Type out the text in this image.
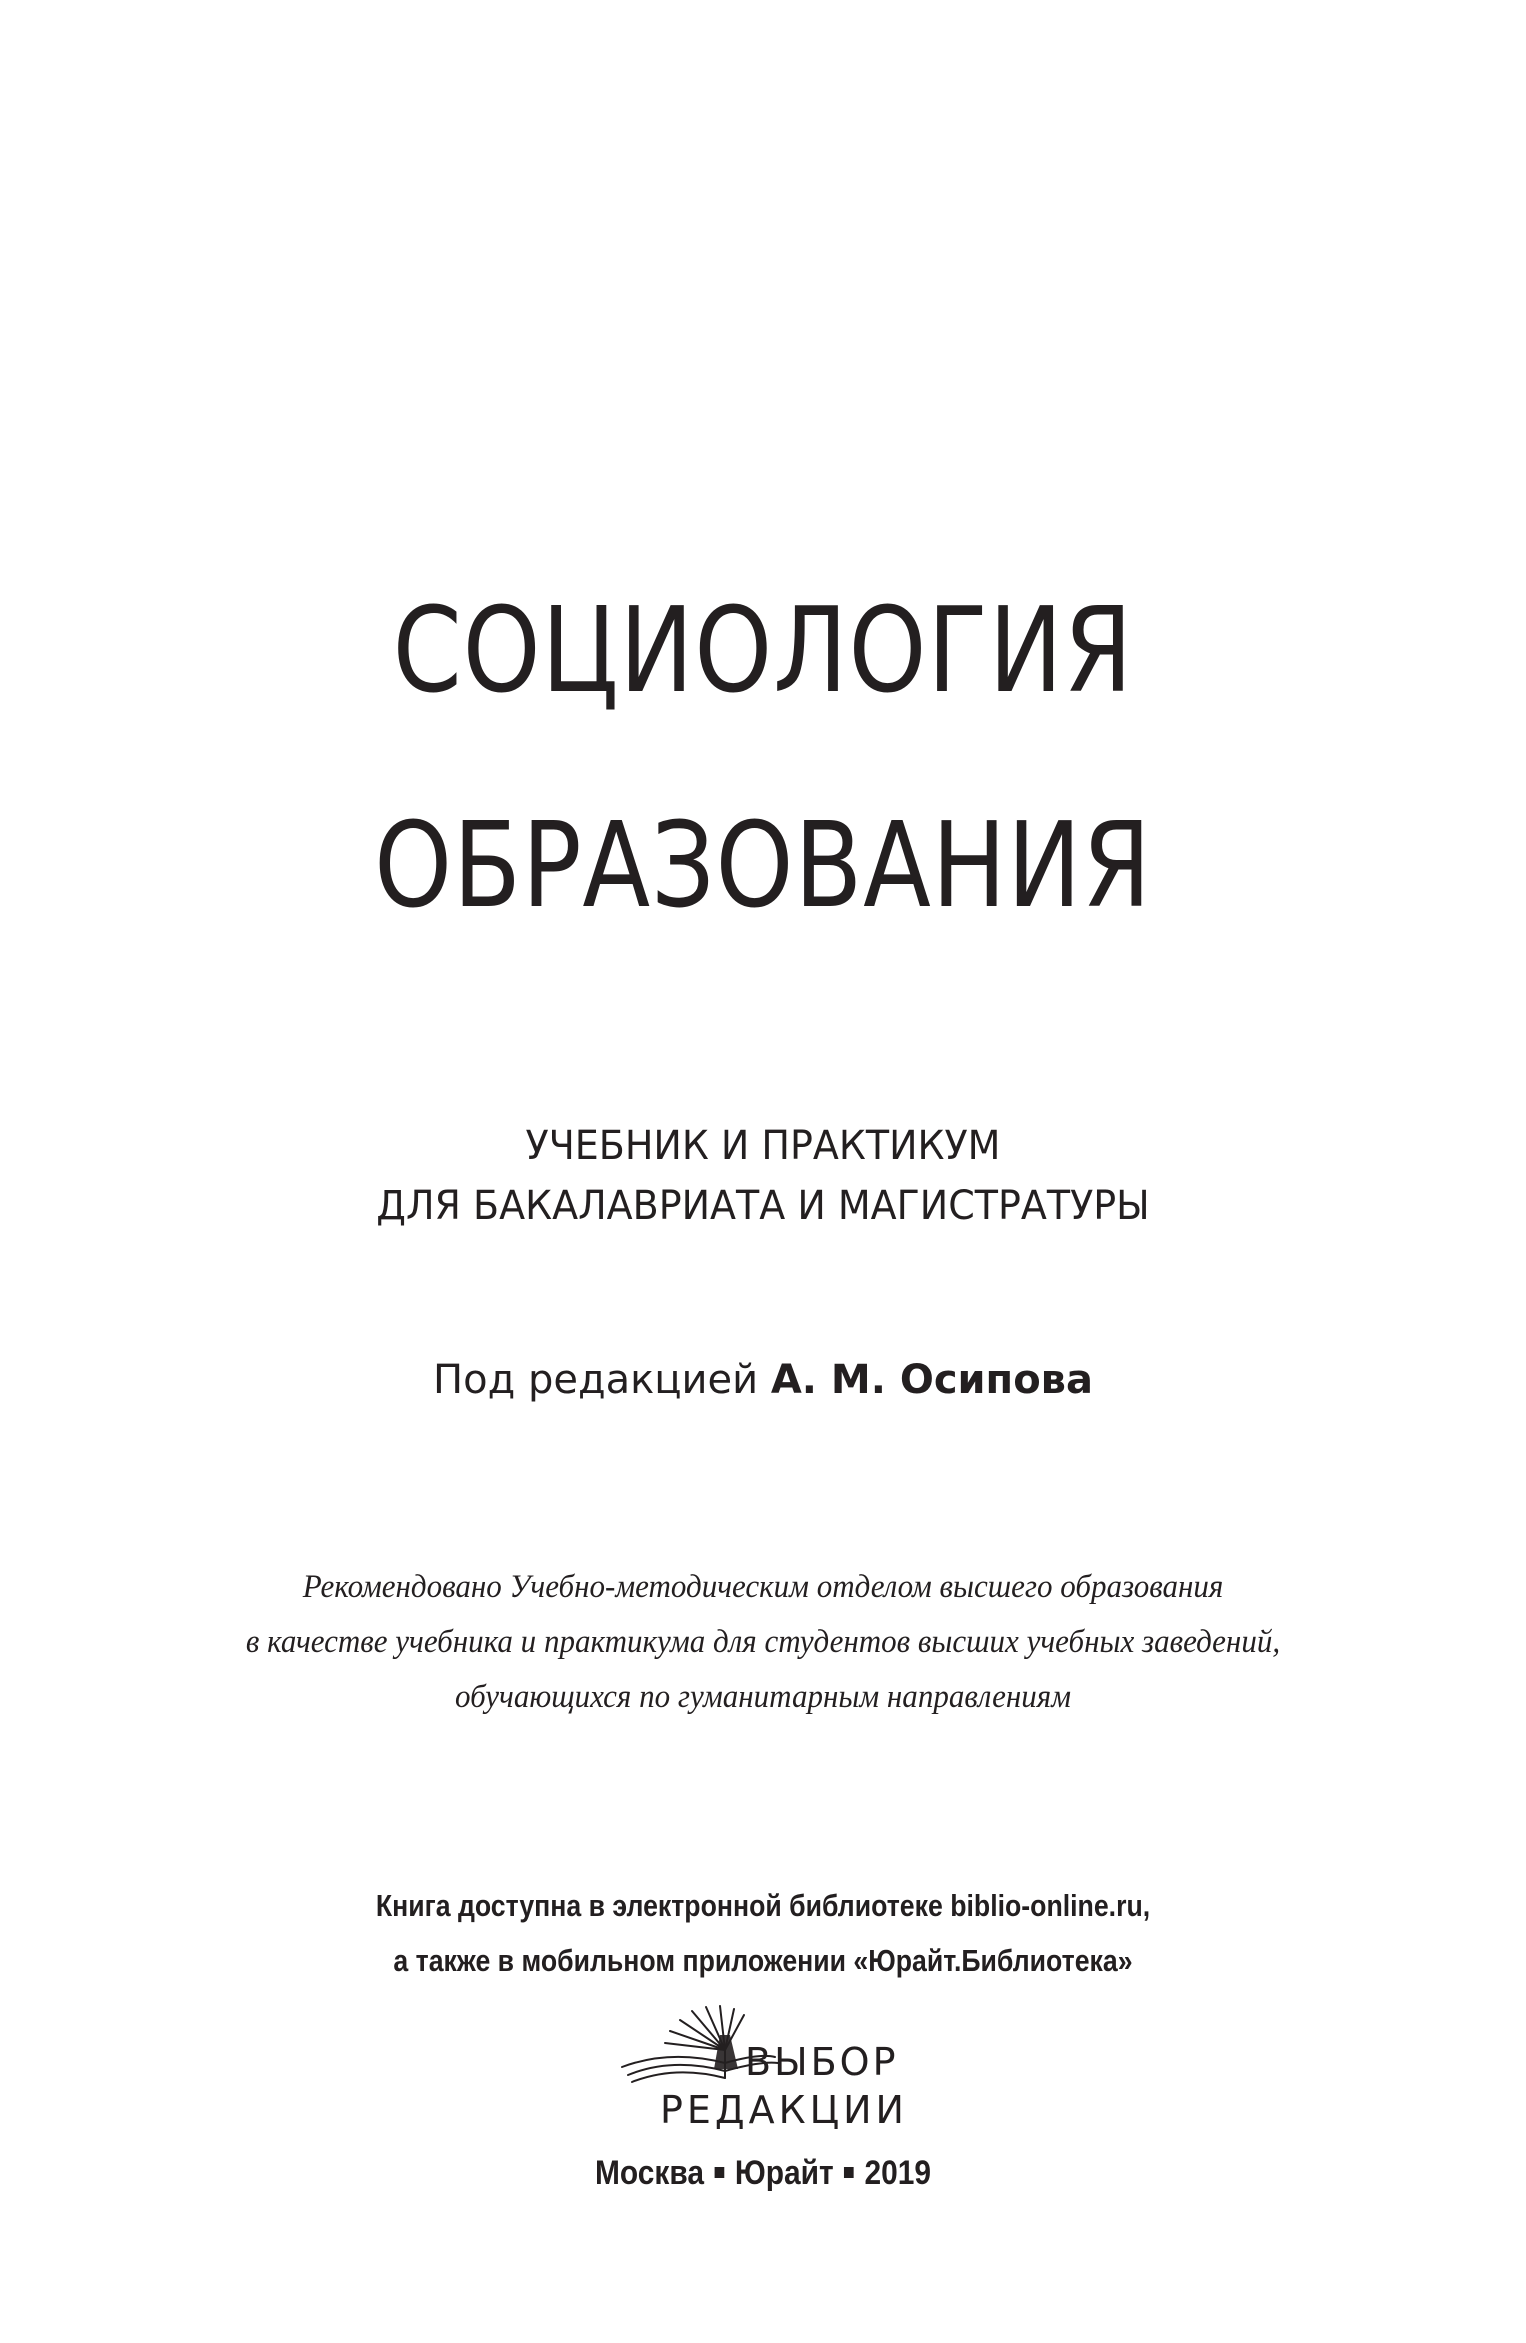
СОЦИОЛОГИЯ
ОБРАЗОВАНИЯ
УЧЕБНИК И ПРАКТИКУМ
ДЛЯ БАКАЛАВРИАТА И МАГИСТРАТУРЫ
Под редакцией А. М. Осипова
Рекомендовано Учебно-методическим отделом высшего образования
в качестве учебника и практикума для студентов высших учебных заведений,
обучающихся по гуманитарным направлениям
Книга доступна в электронной библиотеке biblio-online.ru,
а также в мобильном приложении «Юрайт.Библиотека»
ВЫБОР
РЕДАКЦИИ
Москва Юрайт 2019
